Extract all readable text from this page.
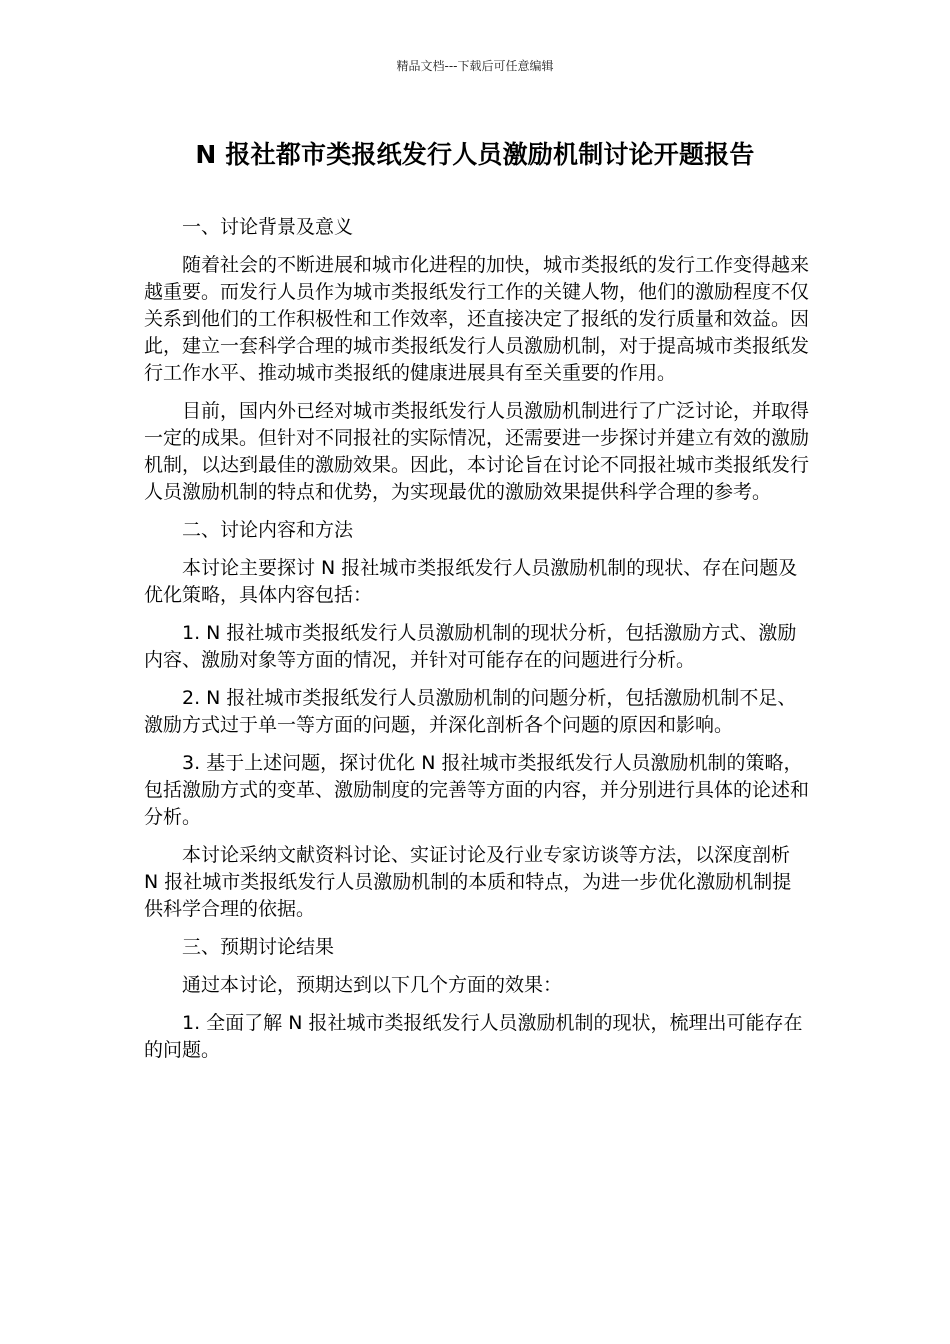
精品文档---下载后可任意编辑
N 报社都市类报纸发行人员激励机制讨论开题报告

一、讨论背景及意义

随着社会的不断进展和城市化进程的加快，城市类报纸的发行工作变得越来越重要。而发行人员作为城市类报纸发行工作的关键人物，他们的激励程度不仅关系到他们的工作积极性和工作效率，还直接决定了报纸的发行质量和效益。因此，建立一套科学合理的城市类报纸发行人员激励机制，对于提高城市类报纸发行工作水平、推动城市类报纸的健康进展具有至关重要的作用。

目前，国内外已经对城市类报纸发行人员激励机制进行了广泛讨论，并取得一定的成果。但针对不同报社的实际情况，还需要进一步探讨并建立有效的激励机制，以达到最佳的激励效果。因此，本讨论旨在讨论不同报社城市类报纸发行人员激励机制的特点和优势，为实现最优的激励效果提供科学合理的参考。

二、讨论内容和方法

本讨论主要探讨 N 报社城市类报纸发行人员激励机制的现状、存在问题及优化策略，具体内容包括：

1. N 报社城市类报纸发行人员激励机制的现状分析，包括激励方式、激励内容、激励对象等方面的情况，并针对可能存在的问题进行分析。

2. N 报社城市类报纸发行人员激励机制的问题分析，包括激励机制不足、激励方式过于单一等方面的问题，并深化剖析各个问题的原因和影响。

3. 基于上述问题，探讨优化 N 报社城市类报纸发行人员激励机制的策略，包括激励方式的变革、激励制度的完善等方面的内容，并分别进行具体的论述和分析。

本讨论采纳文献资料讨论、实证讨论及行业专家访谈等方法，以深度剖析 N 报社城市类报纸发行人员激励机制的本质和特点，为进一步优化激励机制提供科学合理的依据。

三、预期讨论结果

通过本讨论，预期达到以下几个方面的效果：

1. 全面了解 N 报社城市类报纸发行人员激励机制的现状，梳理出可能存在的问题。
